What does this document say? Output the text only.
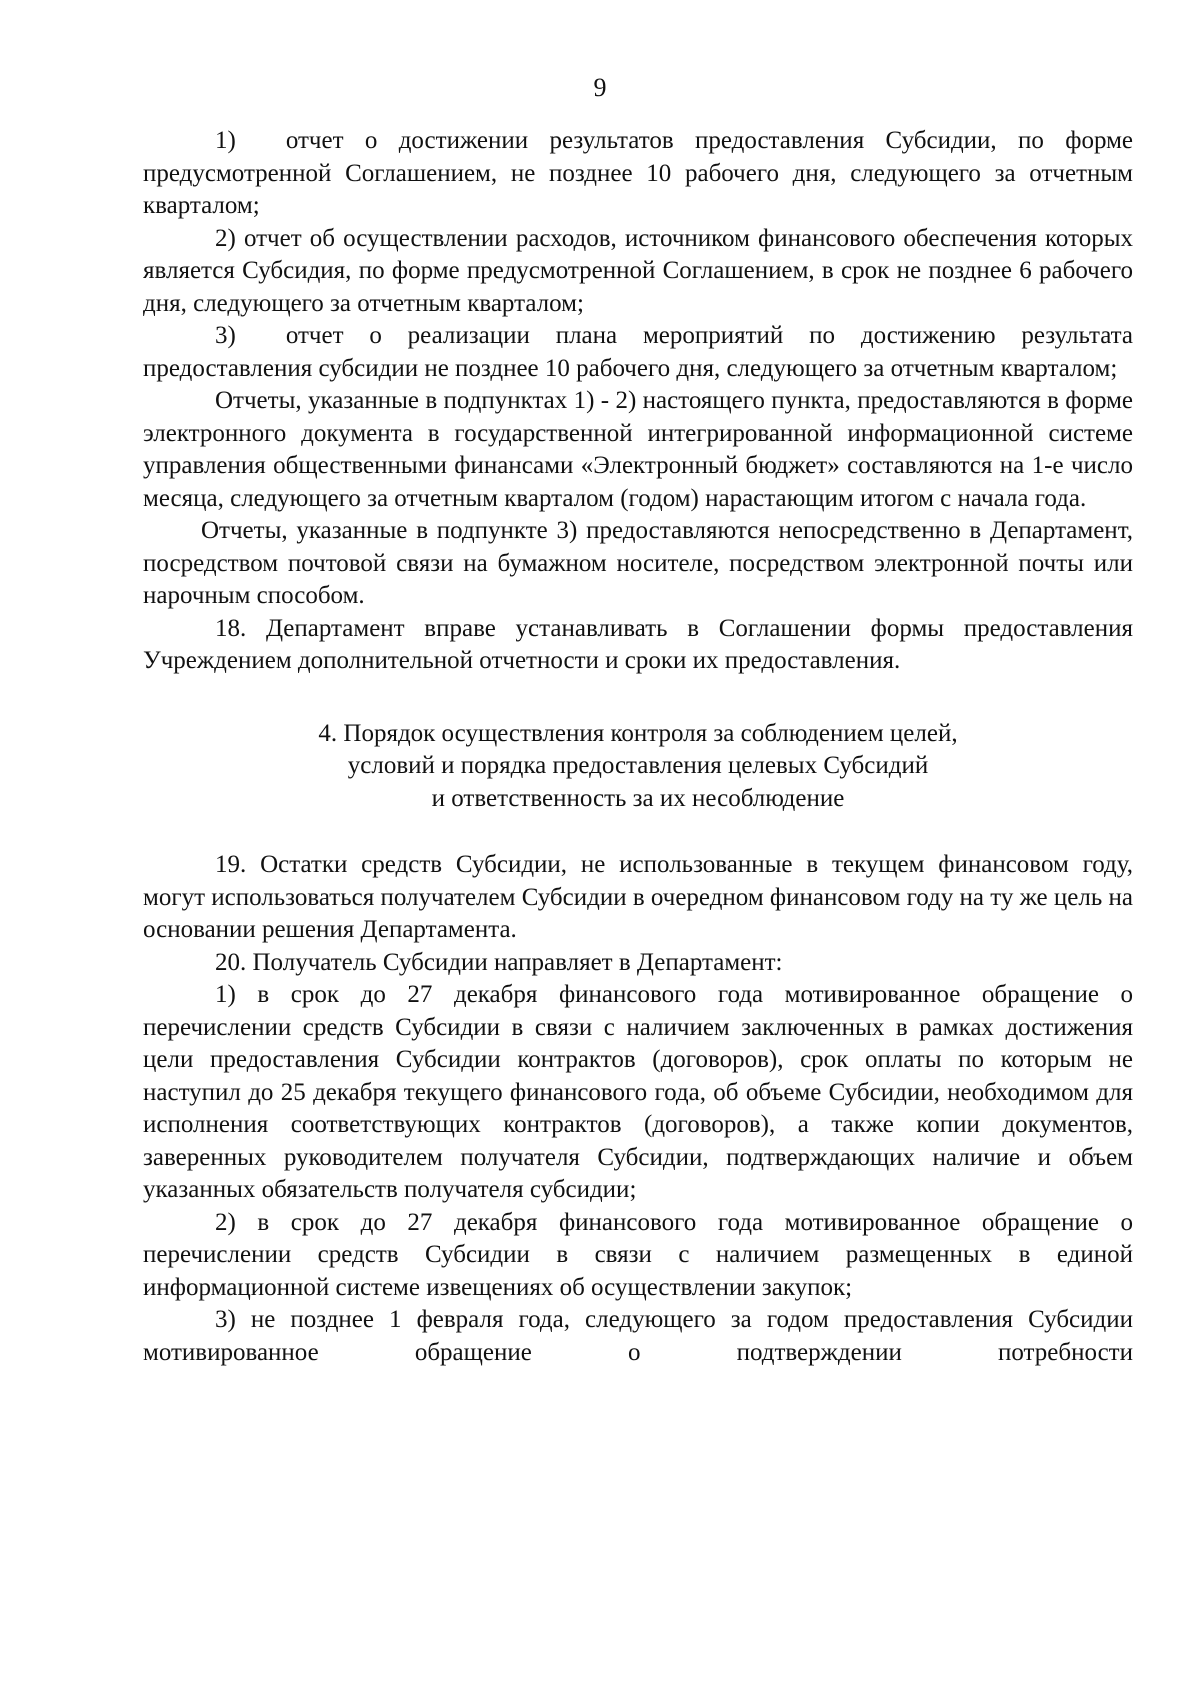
9

1)  отчет о достижении результатов предоставления Субсидии, по форме предусмотренной Соглашением, не позднее 10 рабочего дня, следующего за отчетным кварталом;

2) отчет об осуществлении расходов, источником финансового обеспечения которых является Субсидия, по форме предусмотренной Соглашением, в срок не позднее 6 рабочего дня, следующего за отчетным кварталом;

3)  отчет о реализации плана мероприятий по достижению результата предоставления субсидии не позднее 10 рабочего дня, следующего за отчетным кварталом;

Отчеты, указанные в подпунктах 1) - 2) настоящего пункта, предоставляются в форме электронного документа в государственной интегрированной информационной системе управления общественными финансами «Электронный бюджет» составляются на 1-е число месяца, следующего за отчетным кварталом (годом) нарастающим итогом с начала года.

Отчеты, указанные в подпункте 3) предоставляются непосредственно в Департамент, посредством почтовой связи на бумажном носителе, посредством электронной почты или нарочным способом.

18. Департамент вправе устанавливать в Соглашении формы предоставления Учреждением дополнительной отчетности и сроки их предоставления.

4. Порядок осуществления контроля за соблюдением целей,
условий и порядка предоставления целевых Субсидий
и ответственность за их несоблюдение

19. Остатки средств Субсидии, не использованные в текущем финансовом году, могут использоваться получателем Субсидии в очередном финансовом году на ту же цель на основании решения Департамента.

20. Получатель Субсидии направляет в Департамент:

1) в срок до 27 декабря финансового года мотивированное обращение о перечислении средств Субсидии в связи с наличием заключенных в рамках достижения цели предоставления Субсидии контрактов (договоров), срок оплаты по которым не наступил до 25 декабря текущего финансового года, об объеме Субсидии, необходимом для исполнения соответствующих контрактов (договоров), а также копии документов, заверенных руководителем получателя Субсидии, подтверждающих наличие и объем указанных обязательств получателя субсидии;

2) в срок до 27 декабря финансового года мотивированное обращение о перечислении средств Субсидии в связи с наличием размещенных в единой информационной системе извещениях об осуществлении закупок;

3) не позднее 1 февраля года, следующего за годом предоставления Субсидии мотивированное обращение о подтверждении потребности
